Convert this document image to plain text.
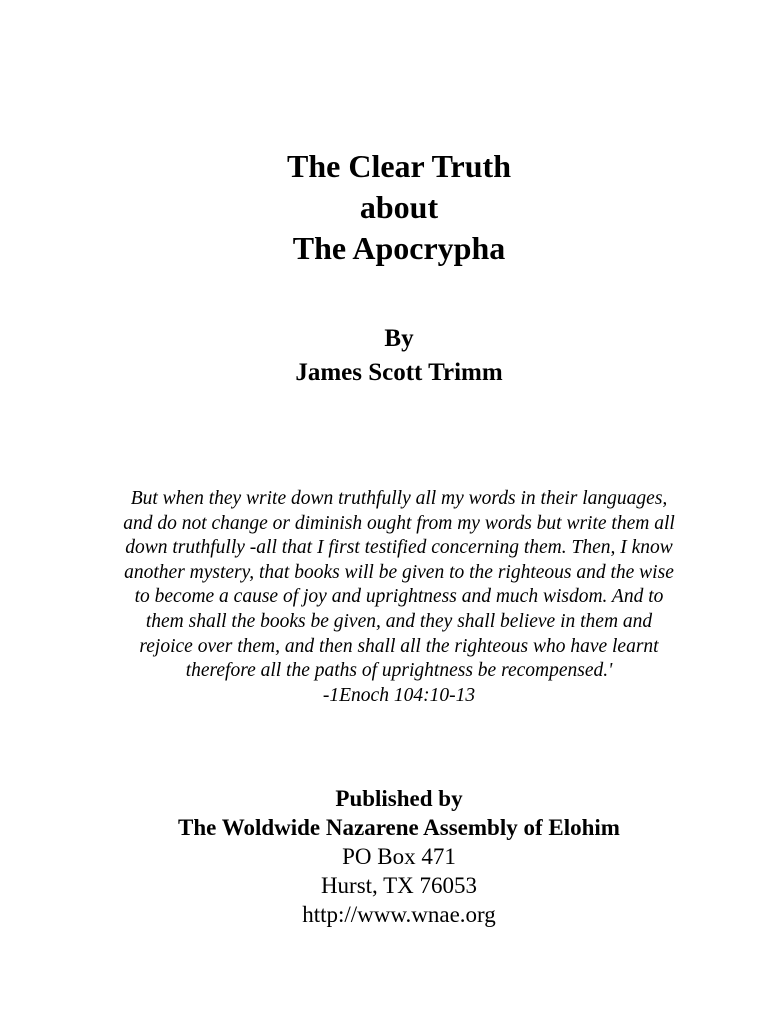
The Clear Truth
about
The Apocrypha
By
James Scott Trimm
But when they write down truthfully all my words in their languages,
and do not change or diminish ought from my words but write them all
down truthfully -all that I first testified concerning them. Then, I know
another mystery, that books will be given to the righteous and the wise
to become a cause of joy and uprightness and much wisdom. And to
them shall the books be given, and they shall believe in them and
rejoice over them, and then shall all the righteous who have learnt
therefore all the paths of uprightness be recompensed.'
-1Enoch 104:10-13
Published by
The Woldwide Nazarene Assembly of Elohim
PO Box 471
Hurst, TX 76053
http://www.wnae.org
